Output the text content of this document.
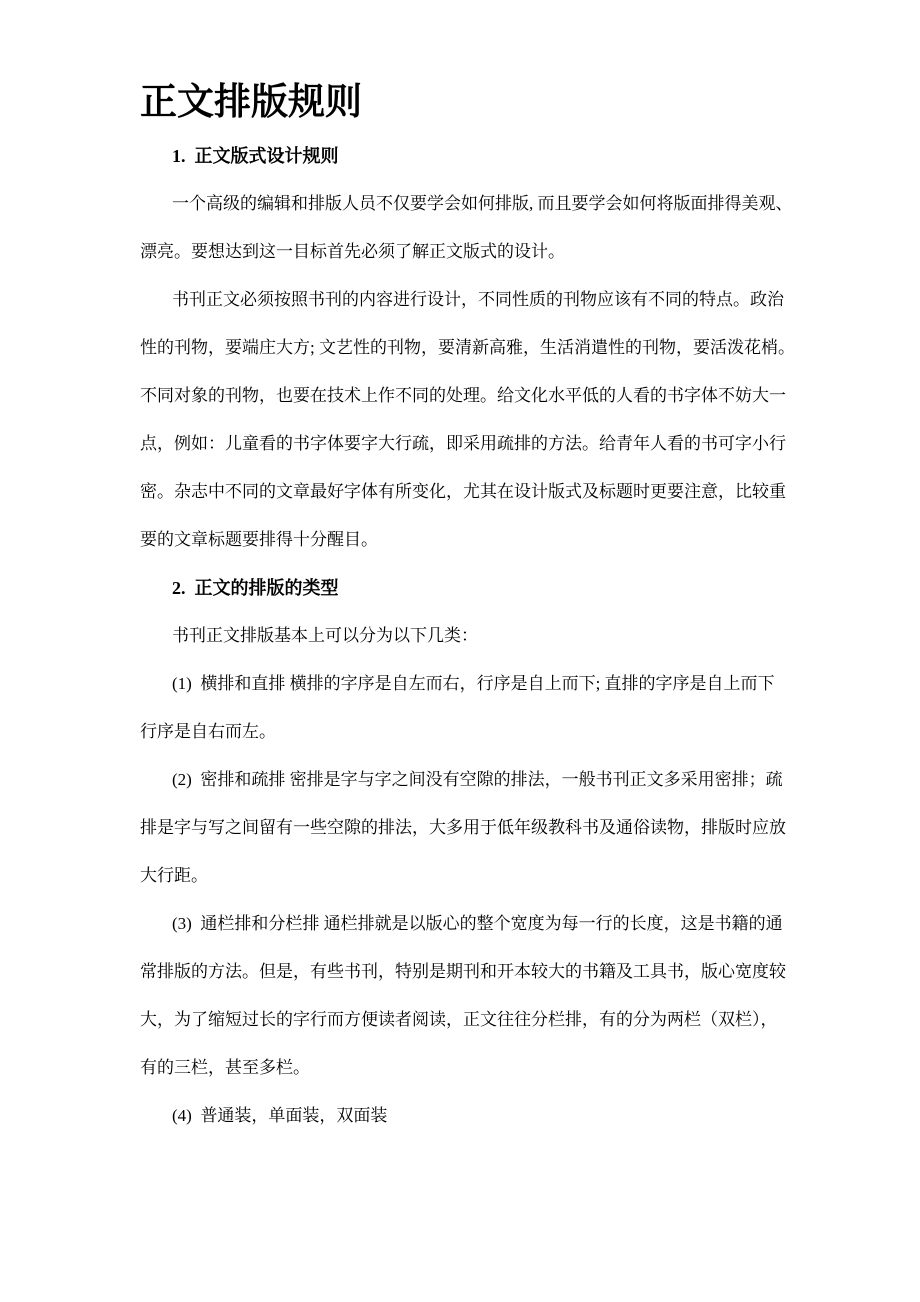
正文排版规则
1.  正文版式设计规则
一个高级的编辑和排版人员不仅要学会如何排版, 而且要学会如何将版面排得美观、
漂亮。要想达到这一目标首先必须了解正文版式的设计。
书刊正文必须按照书刊的内容进行设计，不同性质的刊物应该有不同的特点。政治
性的刊物，要端庄大方; 文艺性的刊物，要清新高雅，生活消遣性的刊物，要活泼花梢。
不同对象的刊物，也要在技术上作不同的处理。给文化水平低的人看的书字体不妨大一
点，例如：儿童看的书字体要字大行疏，即采用疏排的方法。给青年人看的书可字小行
密。杂志中不同的文章最好字体有所变化，尤其在设计版式及标题时更要注意，比较重
要的文章标题要排得十分醒目。
2.  正文的排版的类型
书刊正文排版基本上可以分为以下几类：
(1)  横排和直排 横排的字序是自左而右，行序是自上而下; 直排的字序是自上而下
行序是自右而左。
(2)  密排和疏排 密排是字与字之间没有空隙的排法，一般书刊正文多采用密排；疏
排是字与写之间留有一些空隙的排法，大多用于低年级教科书及通俗读物，排版时应放
大行距。
(3)  通栏排和分栏排 通栏排就是以版心的整个宽度为每一行的长度，这是书籍的通
常排版的方法。但是，有些书刊，特别是期刊和开本较大的书籍及工具书，版心宽度较
大，为了缩短过长的字行而方便读者阅读，正文往往分栏排，有的分为两栏（双栏），
有的三栏，甚至多栏。
(4)  普通装，单面装，双面装
